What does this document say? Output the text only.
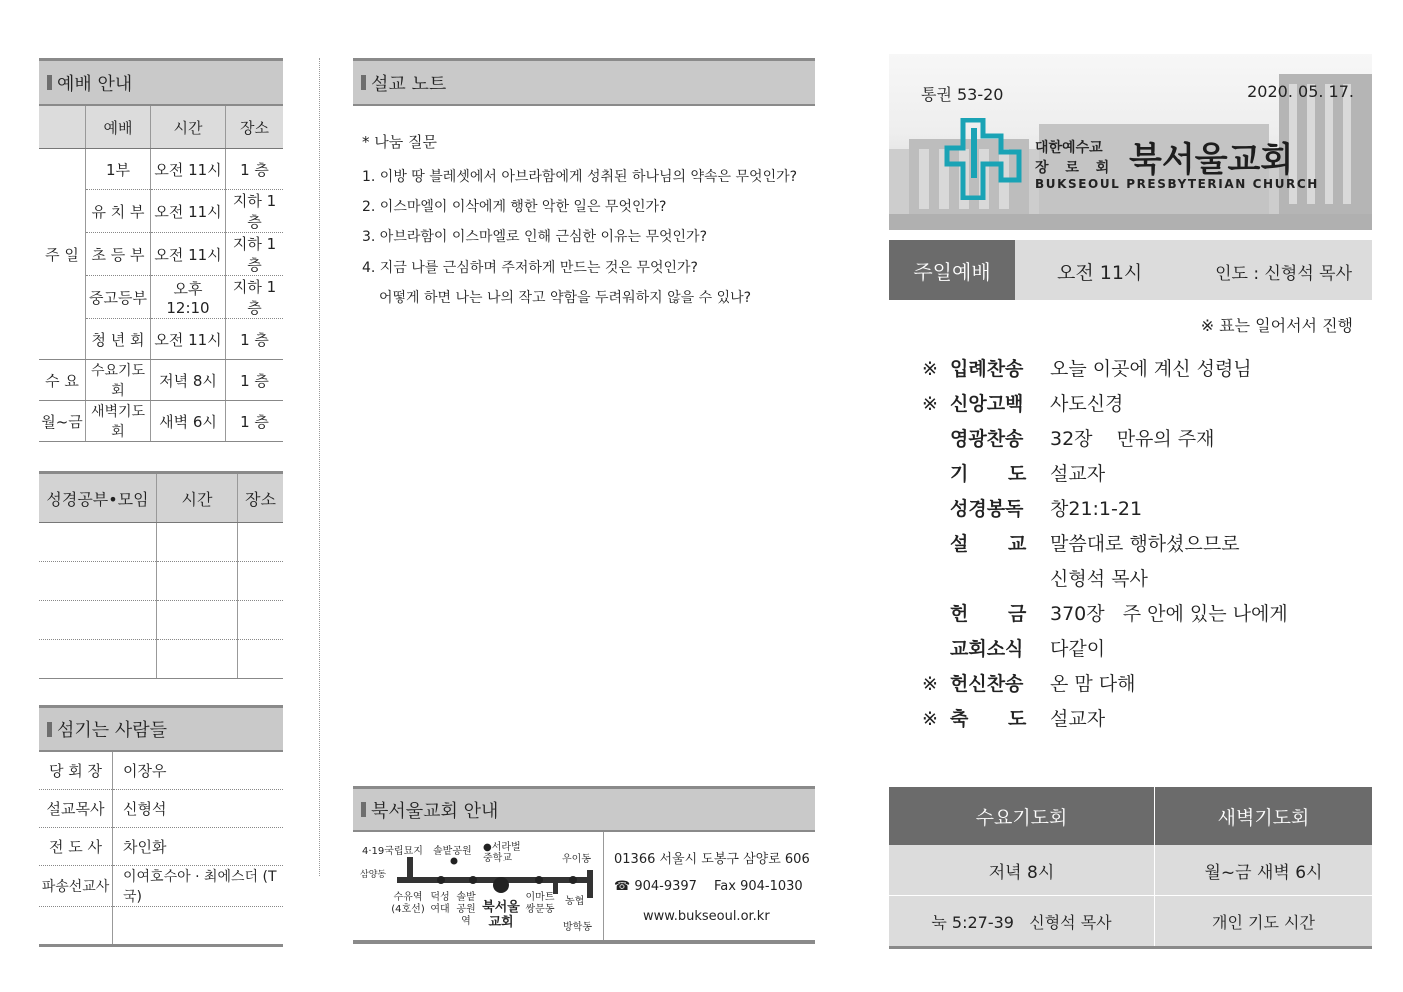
예배 안내
	예배	시간	장소
주 일	1부	오전 11시	1 층
	유 치 부	오전 11시	지하 1층
	초 등 부	오전 11시	지하 1층
	중고등부	오후 12:10	지하 1층
	청 년 회	오전 11시	1 층
수 요	수요기도회	저녁 8시	1 층
월~금	새벽기도회	새벽 6시	1 층
성경공부•모임	시간	장소

섬기는 사람들
당 회 장	이장우
설교목사	신형석
전 도 사	차인화
파송선교사	이여호수아 · 최에스더 (T국)

설교 노트
* 나눔 질문
1. 이방 땅 블레셋에서 아브라함에게 성취된 하나님의 약속은 무엇인가?
2. 이스마엘이 이삭에게 행한 악한 일은 무엇인가?
3. 아브라함이 이스마엘로 인해 근심한 이유는 무엇인가?
4. 지금 나를 근심하며 주저하게 만드는 것은 무엇인가?
어떻게 하면 나는 나의 작고 약함을 두려워하지 않을 수 있나?
북서울교회 안내
4·19국립묘지 솔밭공원 ●서라벌 중학교	우이동
삼양동
수유역 (4호선)
덕성 여대
솔밭 공원 역
북서울 교회
이마트 쌍문동
농협
방학동
01366 서울시 도봉구 삼양로 606
☎ 904-9397 Fax 904-1030
www.bukseoul.or.kr
통권 53-20	2020. 05. 17.
대한예수교
장 로 회 북서울교회
BUKSEOUL PRESBYTERIAN CHURCH
주일예배	오전 11시	인도 : 신형석 목사
※ 표는 일어서서 진행
※ 입례찬송 오늘 이곳에 계신 성령님
※ 신앙고백 사도신경
영광찬송 32장    만유의 주재
기      도 설교자
성경봉독 창21:1-21
설      교 말씀대로 행하셨으므로
신형석 목사
헌      금 370장   주 안에 있는 나에게
교회소식 다같이
※ 헌신찬송 온 맘 다해
※ 축      도 설교자
수요기도회	새벽기도회
저녁 8시	월~금 새벽 6시
눅 5:27-39   신형석 목사	개인 기도 시간
